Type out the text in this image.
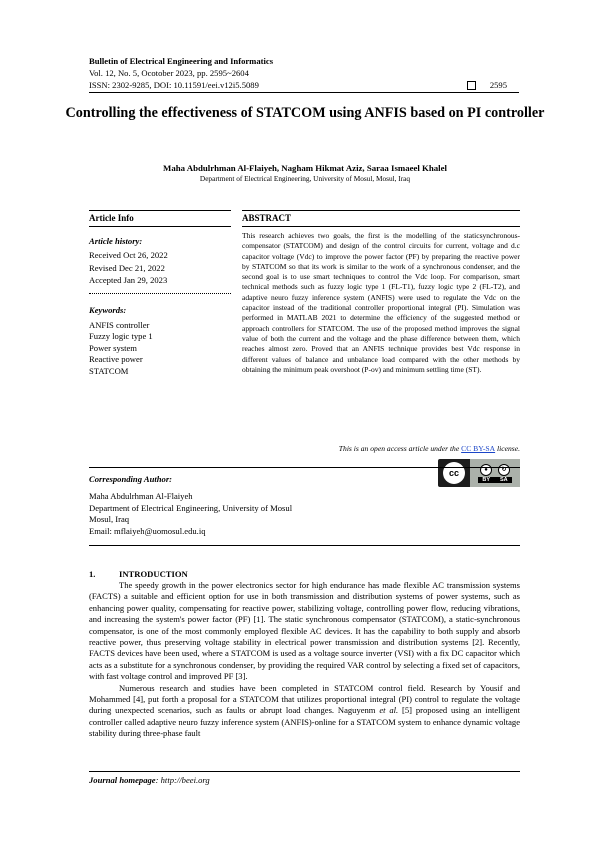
Bulletin of Electrical Engineering and Informatics
Vol. 12, No. 5, Ocotober 2023, pp. 2595~2604
ISSN: 2302-9285, DOI: 10.11591/eei.v12i5.5089	2595
Controlling the effectiveness of STATCOM using ANFIS based on PI controller
Maha Abdulrhman Al-Flaiyeh, Nagham Hikmat Aziz, Saraa Ismaeel Khalel
Department of Electrical Engineering, University of Mosul, Mosul, Iraq
Article Info	ABSTRACT
Article history:
Received Oct 26, 2022
Revised Dec 21, 2022
Accepted Jan 29, 2023
Keywords:
ANFIS controller
Fuzzy logic type 1
Power system
Reactive power
STATCOM
This research achieves two goals, the first is the modelling of the staticsynchronous-compensator (STATCOM) and design of the control circuits for current, voltage and d.c capacitor voltage (Vdc) to improve the power factor (PF) by preparing the reactive power by STATCOM so that its work is similar to the work of a synchronous condenser, and the second goal is to use smart techniques to control the Vdc loop. For comparison, smart technical methods such as fuzzy logic type 1 (FL-T1), fuzzy logic type 2 (FL-T2), and adaptive neuro fuzzy inference system (ANFIS) were used to regulate the Vdc on the capacitor instead of the traditional controller proportional integral (PI). Simulation was performed in MATLAB 2021 to determine the efficiency of the suggested method or approach controllers for STATCOM. The use of the proposed method improves the signal value of both the current and the voltage and the phase difference between them, which reaches almost zero. Proved that an ANFIS technique provides best Vdc response in different values of balance and unbalance load compared with the other methods by obtaining the minimum peak overshoot (P-ov) and minimum settling time (ST).
This is an open access article under the CC BY-SA license.
cc	●	↻
BY SA
Corresponding Author:
Maha Abdulrhman Al-Flaiyeh
Department of Electrical Engineering, University of Mosul
Mosul, Iraq
Email: mflaiyeh@uomosul.edu.iq
1.	INTRODUCTION

The speedy growth in the power electronics sector for high endurance has made flexible AC transmission systems (FACTS) a suitable and efficient option for use in both transmission and distribution systems of power systems, such as enhancing power quality, compensating for reactive power, stabilizing voltage, controlling power flow, reducing vibrations, and increasing the system's power factor (PF) [1]. The static synchronous compensator (STATCOM), a static-synchronous compensator, is one of the most commonly employed flexible AC devices. It has the capability to both supply and absorb reactive power, thus preserving voltage stability in electrical power transmission and distribution systems [2]. Recently, FACTS devices have been used, where a STATCOM is used as a voltage source inverter (VSI) with a fix DC capacitor which acts as a substitute for a synchronous condenser, by providing the required VAR control by selecting a fixed set of capacitors, with fast voltage control and improved PF [3].

Numerous research and studies have been completed in STATCOM control field. Research by Yousif and Mohammed [4], put forth a proposal for a STATCOM that utilizes proportional integral (PI) control to regulate the voltage during unexpected scenarios, such as faults or abrupt load changes. Naguyenm et al. [5] proposed using an intelligent controller called adaptive neuro fuzzy inference system (ANFIS)-online for a STATCOM system to enhance dynamic voltage stability during three-phase fault

Journal homepage: http://beei.org
